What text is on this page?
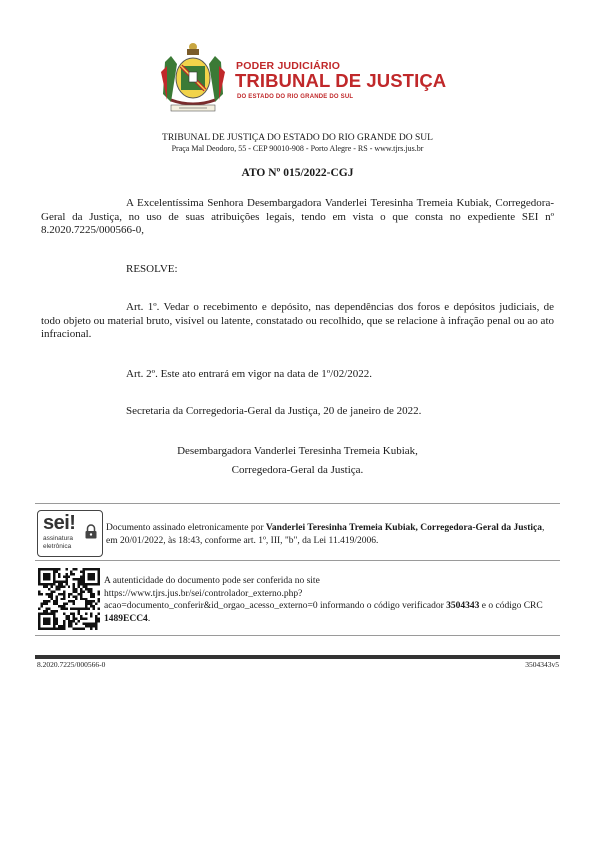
PODER JUDICIÁRIO
TRIBUNAL DE JUSTIÇA
DO ESTADO DO RIO GRANDE DO SUL
TRIBUNAL DE JUSTIÇA DO ESTADO DO RIO GRANDE DO SUL
Praça Mal Deodoro, 55 - CEP 90010-908 - Porto Alegre - RS - www.tjrs.jus.br
ATO Nº 015/2022-CGJ
A Excelentíssima Senhora Desembargadora Vanderlei Teresinha Tremeia Kubiak, Corregedora-Geral da Justiça, no uso de suas atribuições legais, tendo em vista o que consta no expediente SEI nº 8.2020.7225/000566-0,
RESOLVE:
Art. 1º. Vedar o recebimento e depósito, nas dependências dos foros e depósitos judiciais, de todo objeto ou material bruto, visível ou latente, constatado ou recolhido, que se relacione à infração penal ou ao ato infracional.
Art. 2º. Este ato entrará em vigor na data de 1º/02/2022.
Secretaria da Corregedoria-Geral da Justiça, 20 de janeiro de 2022.
Desembargadora Vanderlei Teresinha Tremeia Kubiak,
Corregedora-Geral da Justiça.
sei!
assinatura
eletrônica
Documento assinado eletronicamente por Vanderlei Teresinha Tremeia Kubiak, Corregedora-Geral da Justiça, em 20/01/2022, às 18:43, conforme art. 1º, III, "b", da Lei 11.419/2006.
A autenticidade do documento pode ser conferida no site
https://www.tjrs.jus.br/sei/controlador_externo.php?
acao=documento_conferir&id_orgao_acesso_externo=0 informando o código verificador 3504343 e o código CRC 1489ECC4.
8.2020.7225/000566-0	3504343v5
